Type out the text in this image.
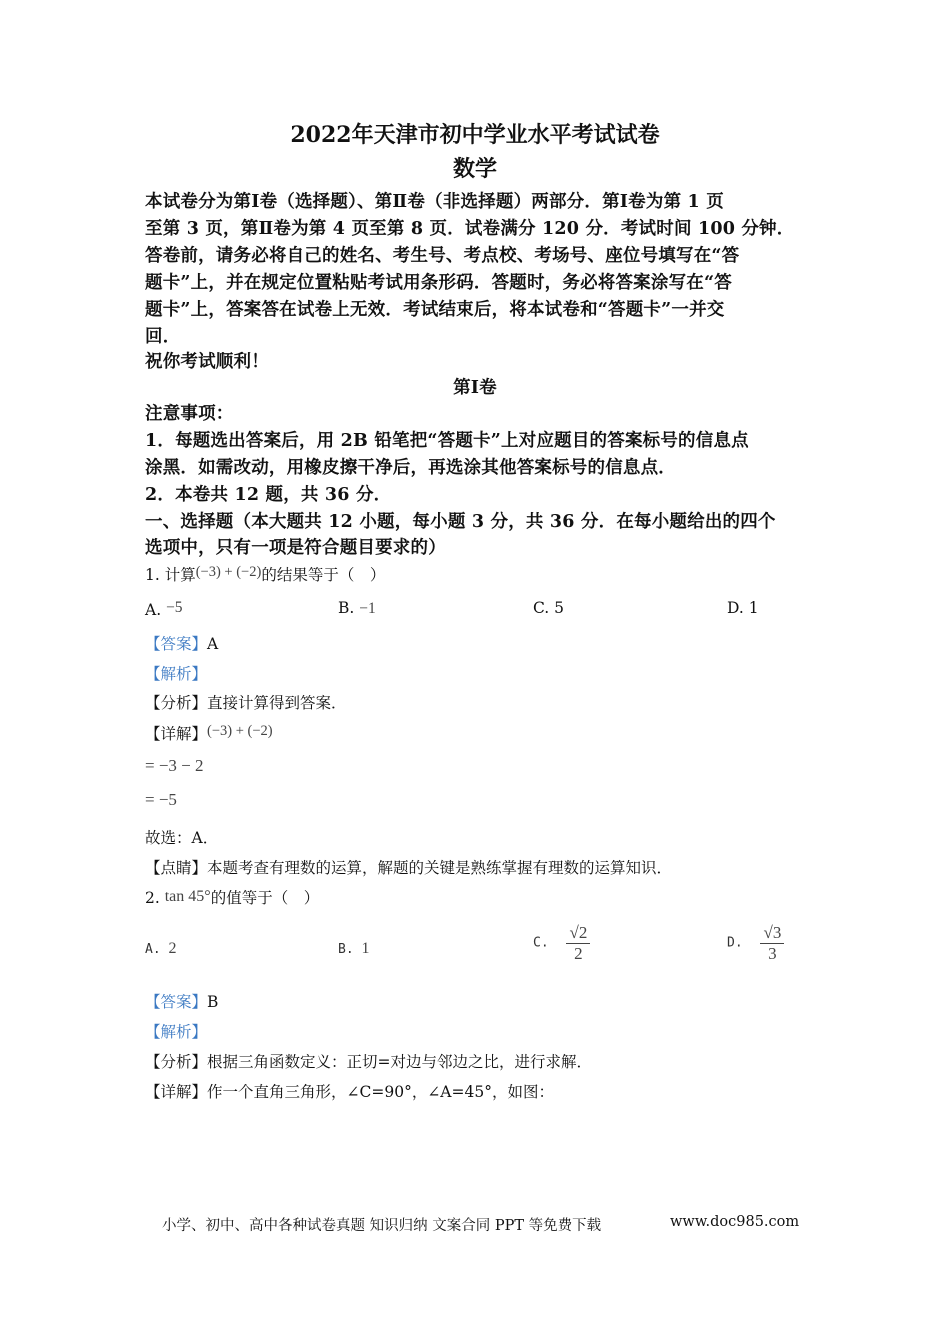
2022年天津市初中学业水平考试试卷
数学
本试卷分为第Ⅰ卷（选择题）、第Ⅱ卷（非选择题）两部分．第Ⅰ卷为第 1 页
至第 3 页，第Ⅱ卷为第 4 页至第 8 页．试卷满分 120 分．考试时间 100 分钟．
答卷前，请务必将自己的姓名、考生号、考点校、考场号、座位号填写在“答
题卡”上，并在规定位置粘贴考试用条形码．答题时，务必将答案涂写在“答
题卡”上，答案答在试卷上无效．考试结束后，将本试卷和“答题卡”一并交
回．
祝你考试顺利！
第Ⅰ卷
注意事项：
1．每题选出答案后，用 2B 铅笔把“答题卡”上对应题目的答案标号的信息点
涂黑．如需改动，用橡皮擦干净后，再选涂其他答案标号的信息点．
2．本卷共 12 题，共 36 分．
一、选择题（本大题共 12 小题，每小题 3 分，共 36 分．在每小题给出的四个
选项中，只有一项是符合题目要求的）
1. 计算(−3) + (−2)的结果等于（　）
A. −5	B. −1	C. 5	D. 1
【答案】A
【解析】
【分析】直接计算得到答案．
【详解】(−3) + (−2)
= −3 − 2
= −5
故选：A．
【点睛】本题考查有理数的运算，解题的关键是熟练掌握有理数的运算知识．
2. tan 45°的值等于（　）
A. 2	B. 1	C. $\frac{√2}{2}$	D. $\frac{√3}{3}$
【答案】B
【解析】
【分析】根据三角函数定义：正切=对边与邻边之比，进行求解．
【详解】作一个直角三角形，∠C=90°，∠A=45°，如图：
小学、初中、高中各种试卷真题 知识归纳 文案合同 PPT 等免费下载	www.doc985.com
